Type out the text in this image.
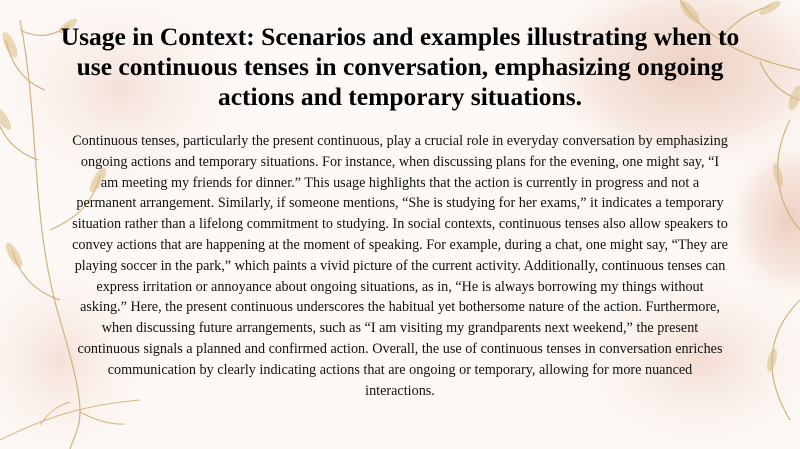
Usage in Context: Scenarios and examples illustrating when to use continuous tenses in conversation, emphasizing ongoing actions and temporary situations.

Continuous tenses, particularly the present continuous, play a crucial role in everyday conversation by emphasizing ongoing actions and temporary situations. For instance, when discussing plans for the evening, one might say, “I am meeting my friends for dinner.” This usage highlights that the action is currently in progress and not a permanent arrangement. Similarly, if someone mentions, “She is studying for her exams,” it indicates a temporary situation rather than a lifelong commitment to studying. In social contexts, continuous tenses also allow speakers to convey actions that are happening at the moment of speaking. For example, during a chat, one might say, “They are playing soccer in the park,” which paints a vivid picture of the current activity. Additionally, continuous tenses can express irritation or annoyance about ongoing situations, as in, “He is always borrowing my things without asking.” Here, the present continuous underscores the habitual yet bothersome nature of the action. Furthermore, when discussing future arrangements, such as “I am visiting my grandparents next weekend,” the present continuous signals a planned and confirmed action. Overall, the use of continuous tenses in conversation enriches communication by clearly indicating actions that are ongoing or temporary, allowing for more nuanced interactions.
